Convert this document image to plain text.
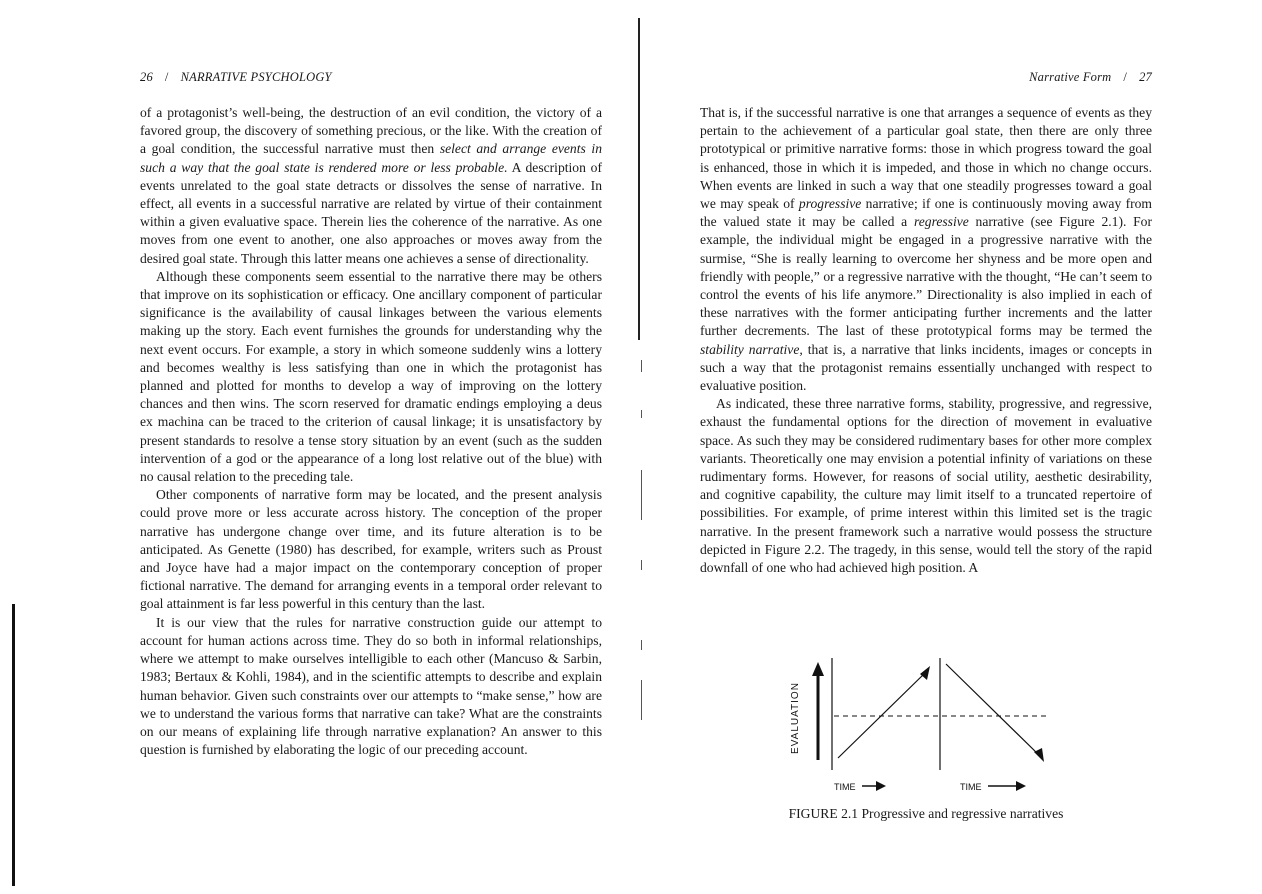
26 / NARRATIVE PSYCHOLOGY

of a protagonist’s well-being, the destruction of an evil condition, the victory of a favored group, the discovery of something precious, or the like. With the creation of a goal condition, the successful narrative must then select and arrange events in such a way that the goal state is rendered more or less probable. A description of events unrelated to the goal state detracts or dissolves the sense of narrative. In effect, all events in a successful narrative are related by virtue of their containment within a given evaluative space. Therein lies the coherence of the narrative. As one moves from one event to another, one also approaches or moves away from the desired goal state. Through this latter means one achieves a sense of directionality.

Although these components seem essential to the narrative there may be others that improve on its sophistication or efficacy. One ancillary component of particular significance is the availability of causal linkages between the various elements making up the story. Each event furnishes the grounds for understanding why the next event occurs. For example, a story in which someone suddenly wins a lottery and becomes wealthy is less satisfying than one in which the protagonist has planned and plotted for months to develop a way of improving on the lottery chances and then wins. The scorn reserved for dramatic endings employing a deus ex machina can be traced to the criterion of causal linkage; it is unsatisfactory by present standards to resolve a tense story situation by an event (such as the sudden intervention of a god or the appearance of a long lost relative out of the blue) with no causal relation to the preceding tale.

Other components of narrative form may be located, and the present analysis could prove more or less accurate across history. The conception of the proper narrative has undergone change over time, and its future alteration is to be anticipated. As Genette (1980) has described, for example, writers such as Proust and Joyce have had a major impact on the contemporary conception of proper fictional narrative. The demand for arranging events in a temporal order relevant to goal attainment is far less powerful in this century than the last.

It is our view that the rules for narrative construction guide our attempt to account for human actions across time. They do so both in informal relationships, where we attempt to make ourselves intelligible to each other (Mancuso & Sarbin, 1983; Bertaux & Kohli, 1984), and in the scientific attempts to describe and explain human behavior. Given such constraints over our attempts to “make sense,” how are we to understand the various forms that narrative can take? What are the constraints on our means of explaining life through narrative explanation? An answer to this question is furnished by elaborating the logic of our preceding account.

Narrative Form / 27

That is, if the successful narrative is one that arranges a sequence of events as they pertain to the achievement of a particular goal state, then there are only three prototypical or primitive narrative forms: those in which progress toward the goal is enhanced, those in which it is impeded, and those in which no change occurs. When events are linked in such a way that one steadily progresses toward a goal we may speak of progressive narrative; if one is continuously moving away from the valued state it may be called a regressive narrative (see Figure 2.1). For example, the individual might be engaged in a progressive narrative with the surmise, “She is really learning to overcome her shyness and be more open and friendly with people,” or a regressive narrative with the thought, “He can’t seem to control the events of his life anymore.” Directionality is also implied in each of these narratives with the former anticipating further increments and the latter further decrements. The last of these prototypical forms may be termed the stability narrative, that is, a narrative that links incidents, images or concepts in such a way that the protagonist remains essentially unchanged with respect to evaluative position.

As indicated, these three narrative forms, stability, progressive, and regressive, exhaust the fundamental options for the direction of movement in evaluative space. As such they may be considered rudimentary bases for other more complex variants. Theoretically one may envision a potential infinity of variations on these rudimentary forms. However, for reasons of social utility, aesthetic desirability, and cognitive capability, the culture may limit itself to a truncated repertoire of possibilities. For example, of prime interest within this limited set is the tragic narrative. In the present framework such a narrative would possess the structure depicted in Figure 2.2. The tragedy, in this sense, would tell the story of the rapid downfall of one who had achieved high position. A

EVALUATION
TIME	TIME
FIGURE 2.1 Progressive and regressive narratives
